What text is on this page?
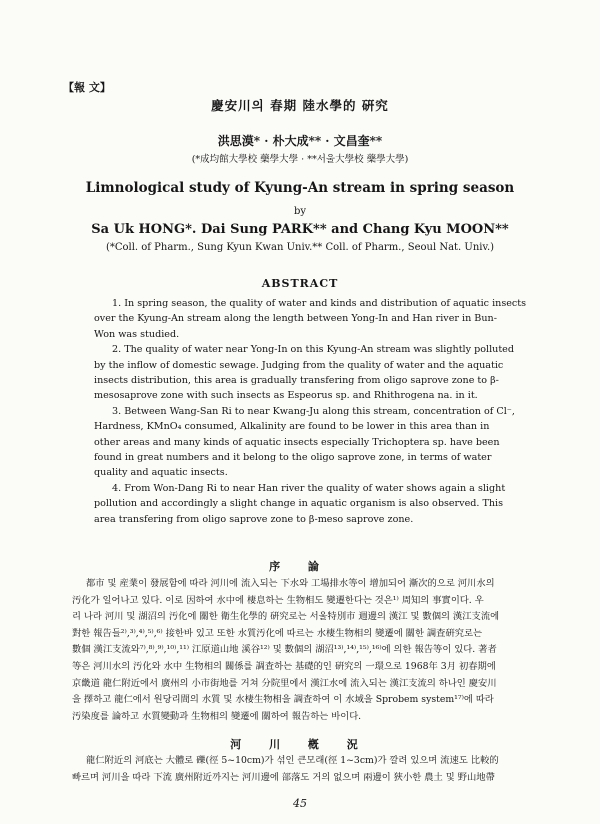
【報 文】
慶安川의 春期 陸水學的 硏究
洪思漠* · 朴大成** · 文昌奎**
(*成均館大學校 藥學大學 · **서울大學校 藥學大學)
Limnological study of Kyung-An stream in spring season
by
Sa Uk HONG*. Dai Sung PARK** and Chang Kyu MOON**
(*Coll. of Pharm., Sung Kyun Kwan Univ.** Coll. of Pharm., Seoul Nat. Univ.)
ABSTRACT

1. In spring season, the quality of water and kinds and distribution of aquatic insects

over the Kyung-An stream along the length between Yong-In and Han river in Bun-

Won was studied.

2. The quality of water near Yong-In on this Kyung-An stream was slightly polluted

by the inflow of domestic sewage. Judging from the quality of water and the aquatic

insects distribution, this area is gradually transfering from oligo saprove zone to β-

mesosaprove zone with such insects as Espeorus sp. and Rhithrogena na. in it.

3. Between Wang-San Ri to near Kwang-Ju along this stream, concentration of Cl⁻,

Hardness, KMnO₄ consumed, Alkalinity are found to be lower in this area than in

other areas and many kinds of aquatic insects especially Trichoptera sp. have been

found in great numbers and it belong to the oligo saprove zone, in terms of water

quality and aquatic insects.

4. From Won-Dang Ri to near Han river the quality of water shows again a slight

pollution and accordingly a slight change in aquatic organism is also observed. This

area transfering from oligo saprove zone to β-meso saprove zone.

序 論

都市 및 産業이 發展함에 따라 河川에 流入되는 下水와 工場排水等이 增加되어 漸次的으로 河川水의

汚化가 일어나고 있다. 이로 因하여 水中에 棲息하는 生物相도 變遷한다는 것은¹⁾ 周知의 事實이다. 우

리 나라 河川 및 湖沼의 汚化에 關한 衛生化學的 硏究로는 서울特別市 週邊의 漢江 및 數個의 漢江支流에

對한 報告들²⁾,³⁾,⁴⁾,⁵⁾,⁶⁾ 接한바 있고 또한 水質汚化에 따르는 水棲生物相의 變遷에 關한 調査硏究로는

數個 漢江支流와⁷⁾,⁸⁾,⁹⁾,¹⁰⁾,¹¹⁾ 江原道山地 溪谷¹²⁾ 및 數個의 湖沼¹³⁾,¹⁴⁾,¹⁵⁾,¹⁶⁾에 의한 報告等이 있다. 著者

等은 河川水의 汚化와 水中 生物相의 關係를 調査하는 基礎的인 硏究의 一環으로 1968年 3月 初春期에

京畿道 龍仁附近에서 廣州의 小市街地를 거쳐 分院里에서 漢江水에 流入되는 漢江支流의 하나인 慶安川

을 擇하고 龍仁에서 원당리間의 水質 및 水棲生物相을 調査하여 이 水域을 Sprobem system¹⁷⁾에 따라

汚染度를 論하고 水質變動과 生物相의 變遷에 關하여 報告하는 바이다.

河 川 槪 況

龍仁附近의 河底는 大體로 礫(徑 5~10cm)가 섞인 큰모래(徑 1~3cm)가 깔려 있으며 流速도 比較的

빠르며 河川을 따라 下流 廣州附近까지는 河川邊에 部落도 거의 없으며 兩邊이 狹小한 農土 및 野山地帶

45
